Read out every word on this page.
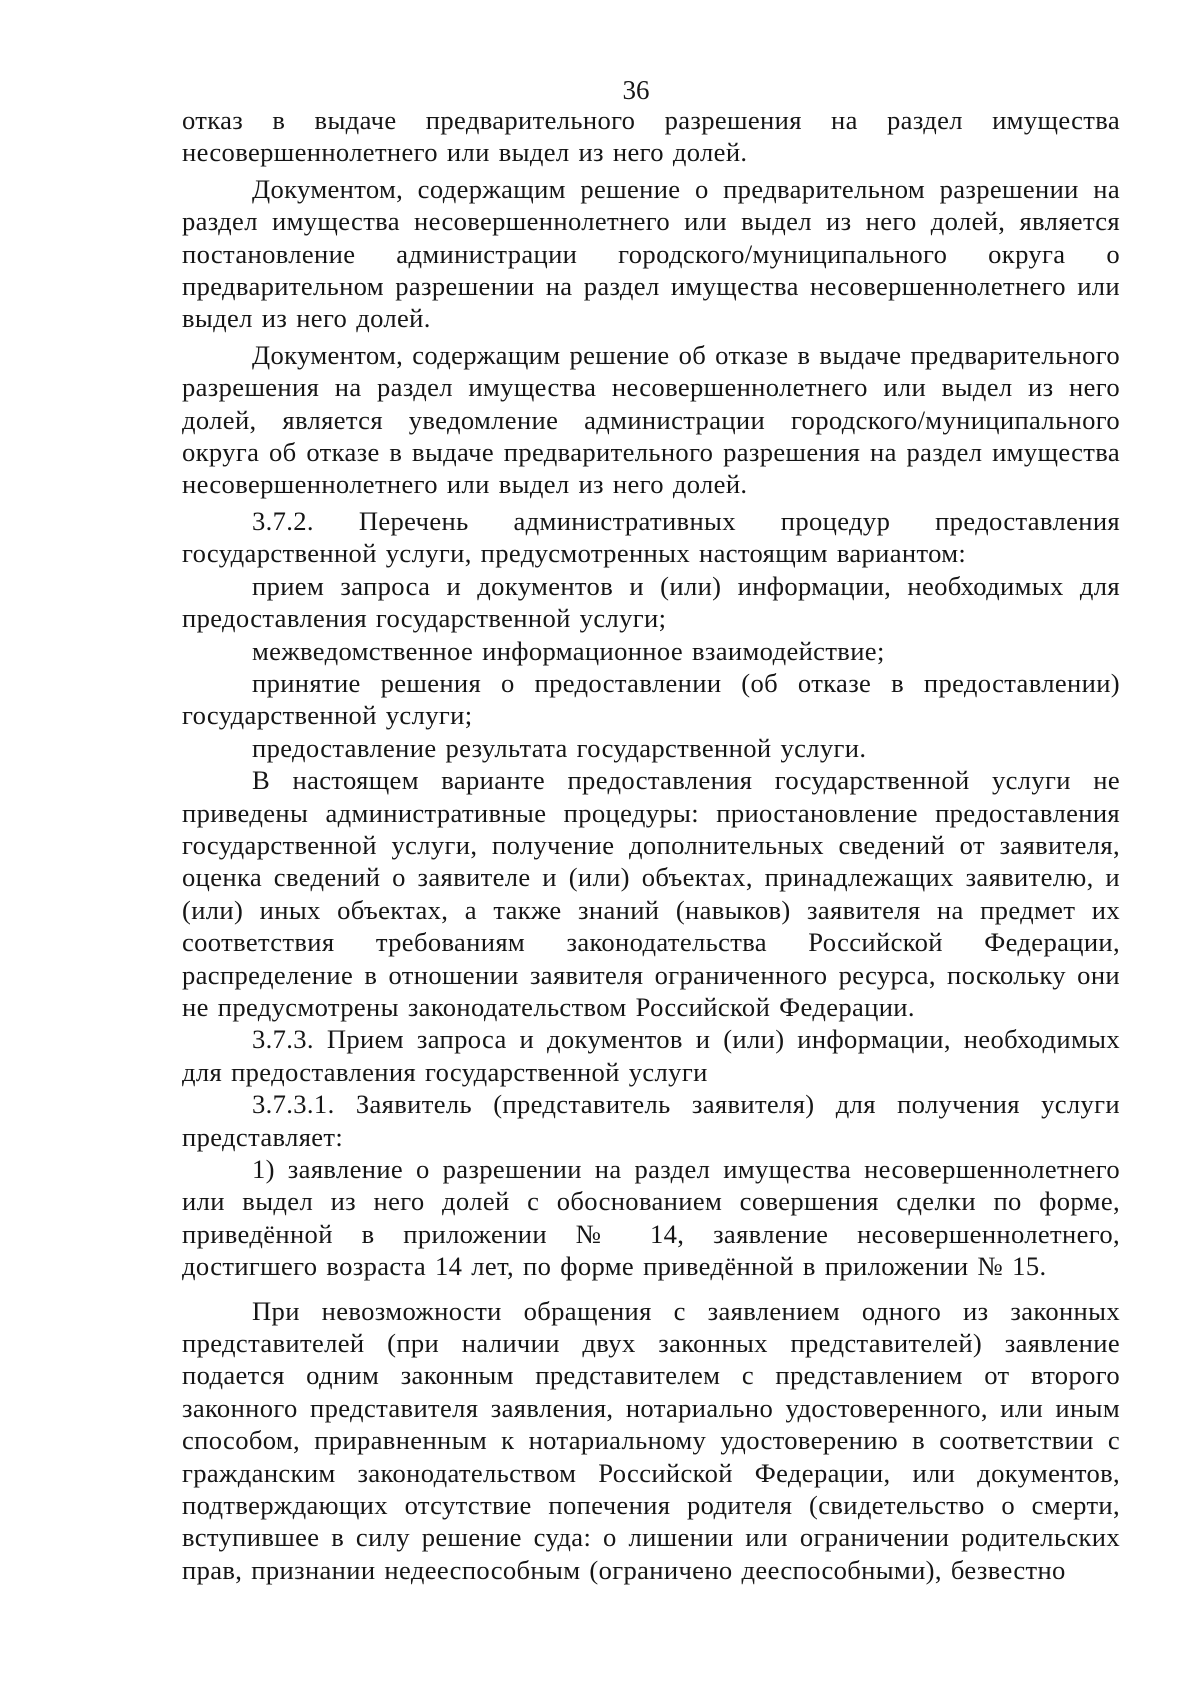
36

отказ в выдаче предварительного разрешения на раздел имущества несовершеннолетнего или выдел из него долей.

Документом, содержащим решение о предварительном разрешении на раздел имущества несовершеннолетнего или выдел из него долей, является постановление администрации городского/муниципального округа о предварительном разрешении на раздел имущества несовершеннолетнего или выдел из него долей.

Документом, содержащим решение об отказе в выдаче предварительного разрешения на раздел имущества несовершеннолетнего или выдел из него долей, является уведомление администрации городского/муниципального округа об отказе в выдаче предварительного разрешения на раздел имущества несовершеннолетнего или выдел из него долей.

3.7.2. Перечень административных процедур предоставления государственной услуги, предусмотренных настоящим вариантом:

прием запроса и документов и (или) информации, необходимых для предоставления государственной услуги;

межведомственное информационное взаимодействие;

принятие решения о предоставлении (об отказе в предоставлении) государственной услуги;

предоставление результата государственной услуги.

В настоящем варианте предоставления государственной услуги не приведены административные процедуры: приостановление предоставления государственной услуги, получение дополнительных сведений от заявителя, оценка сведений о заявителе и (или) объектах, принадлежащих заявителю, и (или) иных объектах, а также знаний (навыков) заявителя на предмет их соответствия требованиям законодательства Российской Федерации, распределение в отношении заявителя ограниченного ресурса, поскольку они не предусмотрены законодательством Российской Федерации.

3.7.3. Прием запроса и документов и (или) информации, необходимых для предоставления государственной услуги

3.7.3.1. Заявитель (представитель заявителя) для получения услуги представляет:

1) заявление о разрешении на раздел имущества несовершеннолетнего или выдел из него долей с обоснованием совершения сделки по форме, приведённой в приложении № 14, заявление несовершеннолетнего, достигшего возраста 14 лет, по форме приведённой в приложении № 15.

При невозможности обращения с заявлением одного из законных представителей (при наличии двух законных представителей) заявление подается одним законным представителем с представлением от второго законного представителя заявления, нотариально удостоверенного, или иным способом, приравненным к нотариальному удостоверению в соответствии с гражданским законодательством Российской Федерации, или документов, подтверждающих отсутствие попечения родителя (свидетельство о смерти, вступившее в силу решение суда: о лишении или ограничении родительских прав, признании недееспособным (ограничено дееспособными), безвестно
